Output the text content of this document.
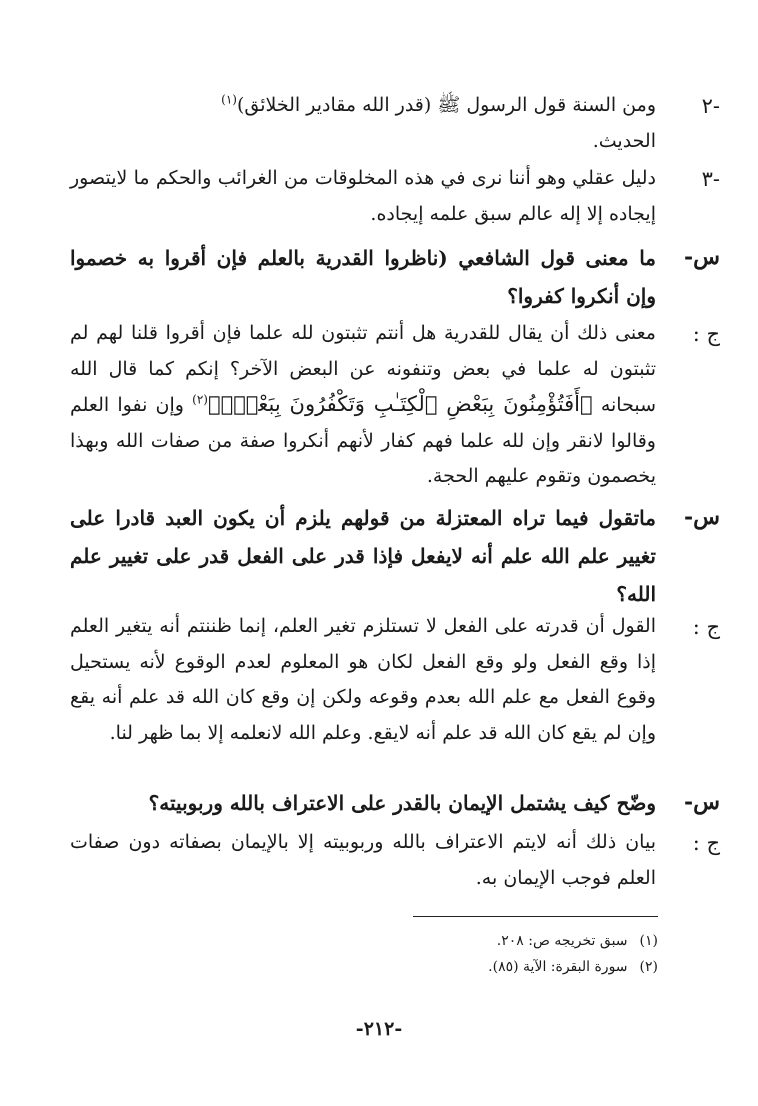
-٢
ومن السنة قول الرسول ﷺ (قدر الله مقادير الخلائق)$^{(١)}$
الحديث.
-٣
دليل عقلي وهو أننا نرى في هذه المخلوقات من الغرائب والحكم ما لايتصور إيجاده إلا إله عالم سبق علمه إيجاده.
س-
ما معنى قول الشافعي (ناظروا القدرية بالعلم فإن أقروا به خصموا وإن أنكروا كفروا؟
ج :
معنى ذلك أن يقال للقدرية هل أنتم تثبتون لله علما فإن أقروا قلنا لهم لم تثبتون له علما في بعض وتنفونه عن البعض الآخر؟ إنكم كما قال الله سبحانه ﴿أَفَتُؤْمِنُونَ بِبَعْضِ ٱلْكِتَـٰبِ وَتَكْفُرُونَ بِبَعْضٍۢ﴾$^{(٢)}$ وإن نفوا العلم وقالوا لانقر وإن لله علما فهم كفار لأنهم أنكروا صفة من صفات الله وبهذا يخصمون وتقوم عليهم الحجة.
س-
ماتقول فيما تراه المعتزلة من قولهم يلزم أن يكون العبد قادرا على تغيير علم الله علم أنه لايفعل فإذا قدر على الفعل قدر على تغيير علم الله؟
ج :
القول أن قدرته على الفعل لا تستلزم تغير العلم، إنما ظننتم أنه يتغير العلم إذا وقع الفعل ولو وقع الفعل لكان هو المعلوم لعدم الوقوع لأنه يستحيل وقوع الفعل مع علم الله بعدم وقوعه ولكن إن وقع كان الله قد علم أنه يقع وإن لم يقع كان الله قد علم أنه لايقع. وعلم الله لانعلمه إلا بما ظهر لنا.
س-
وضّح كيف يشتمل الإيمان بالقدر على الاعتراف بالله وربوبيته؟
ج :
بيان ذلك أنه لايتم الاعتراف بالله وربوبيته إلا بالإيمان بصفاته دون صفات العلم فوجب الإيمان به.
(١)
سبق تخريجه ص: ٢٠٨.
(٢)
سورة البقرة: الآية (٨٥).
-٢١٢-
